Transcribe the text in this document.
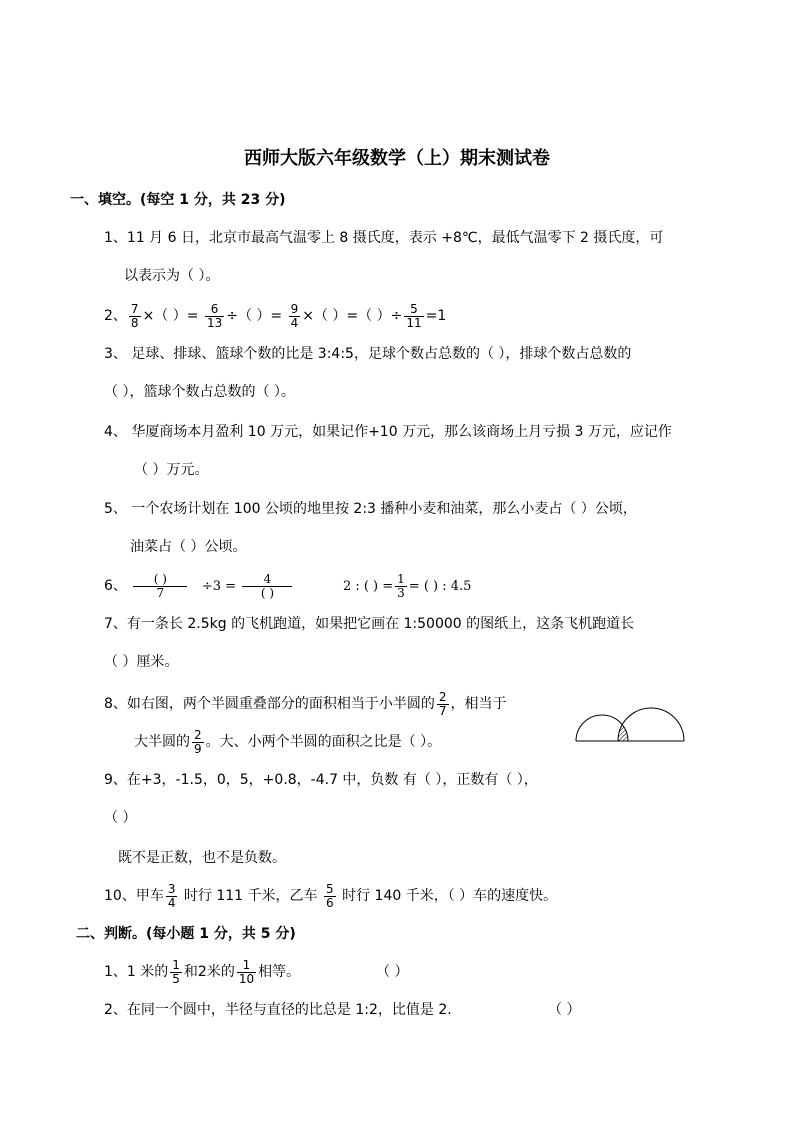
西师大版六年级数学（上）期末测试卷
一、填空。(每空 1 分，共 23 分)
1、11 月 6 日，北京市最高气温零上 8 摄氏度，表示 +8℃，最低气温零下 2 摄氏度，可
以表示为（ ）。
2、 $\frac{7}{8}$ ×（ ）= $\frac{6}{13}$ ÷（ ）= $\frac{9}{4}$ ×（ ）=（ ）÷ $\frac{5}{11} =1$
3、 足球、排球、篮球个数的比是 3:4:5，足球个数占总数的（ ），排球个数占总数的
（ ），篮球个数占总数的（ ）。
4、 华厦商场本月盈利 10 万元，如果记作+10 万元，那么该商场上月亏损 3 万元，应记作
（ ）万元。
5、 一个农场计划在 100 公顷的地里按 2:3 播种小麦和油菜，那么小麦占（ ）公顷，
油菜占（ ）公顷。
6、 $\frac{( )}{7} \div 3 = \frac{4}{( )}$	2 : ( ) = $\frac{1}{3}$ = ( ) : 4.5
7、有一条长 2.5kg 的飞机跑道，如果把它画在 1:50000 的图纸上，这条飞机跑道长
（ ）厘米。
8、如右图，两个半圆重叠部分的面积相当于小半圆的 $\frac{2}{7}$ ，相当于
大半圆的 $\frac{2}{9}$ 。大、小两个半圆的面积之比是（ ）。
9、在+3，-1.5，0，5，+0.8，-4.7 中，负数 有（ ），正数有（ ），
（ ）
既不是正数，也不是负数。
10、甲车 $\frac{3}{4}$ 时行 111 千米，乙车 $\frac{5}{6}$ 时行 140 千米，（ ）车的速度快。
二、判断。(每小题 1 分，共 5 分)
1、1 米的 $\frac{1}{5}$ 和2米的 $\frac{1}{10}$ 相等。	（ ）
2、在同一个圆中，半径与直径的比总是 1:2，比值是 2.	（ ）
